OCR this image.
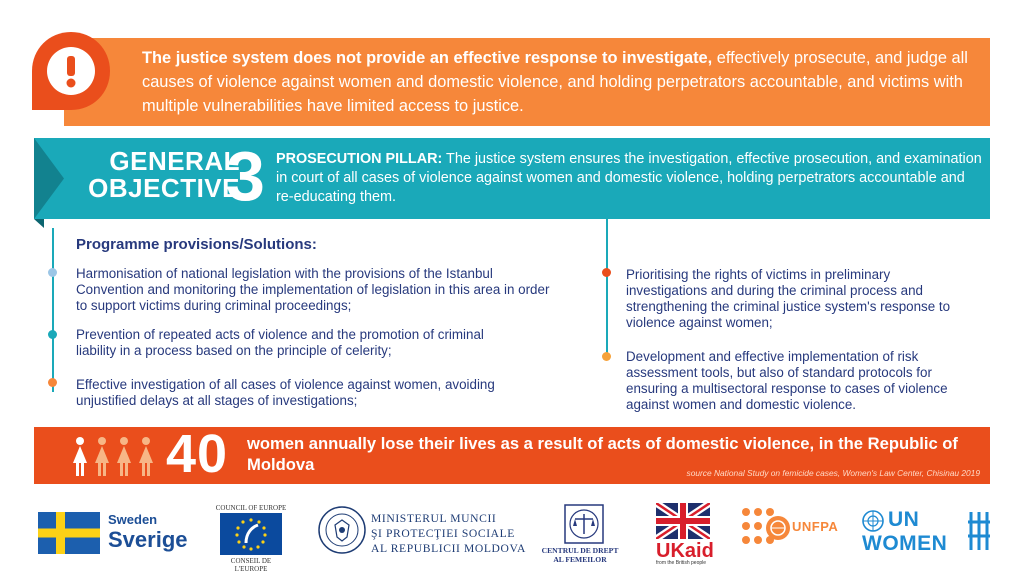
The justice system does not provide an effective response to investigate, effectively prosecute, and judge all causes of violence against women and domestic violence, and holding perpetrators accountable, and victims with multiple vulnerabilities have limited access to justice.
GENERAL
OBJECTIVE
3 PROSECUTION PILLAR: The justice system ensures the investigation, effective prosecution, and examination in court of all cases of violence against women and domestic violence, holding perpetrators accountable and re-educating them.
Programme provisions/Solutions:
Harmonisation of national legislation with the provisions of the Istanbul Convention and monitoring the implementation of legislation in this area in order to support victims during criminal proceedings;
Prevention of repeated acts of violence and the promotion of criminal liability in a process based on the principle of celerity;
Effective investigation of all cases of violence against women, avoiding unjustified delays at all stages of investigations;
Prioritising the rights of victims in preliminary investigations and during the criminal process and strengthening the criminal justice system's response to violence against women;
Development and effective implementation of risk assessment tools, but also of standard protocols for ensuring a multisectoral response to cases of violence against women and domestic violence.
40 women annually lose their lives as a result of acts of domestic violence, in the Republic of Moldova	source National Study on femicide cases, Women's Law Center, Chisinau 2019
Sweden
Sverige
COUNCIL OF EUROPE
CONSEIL DE L'EUROPE
MINISTERUL MUNCII
ŞI PROTECŢIEI SOCIALE
AL REPUBLICII MOLDOVA	CENTRUL DE DREPT
AL FEMEILOR	UKaid
from the British people
UNFPA	UN
WOMEN
